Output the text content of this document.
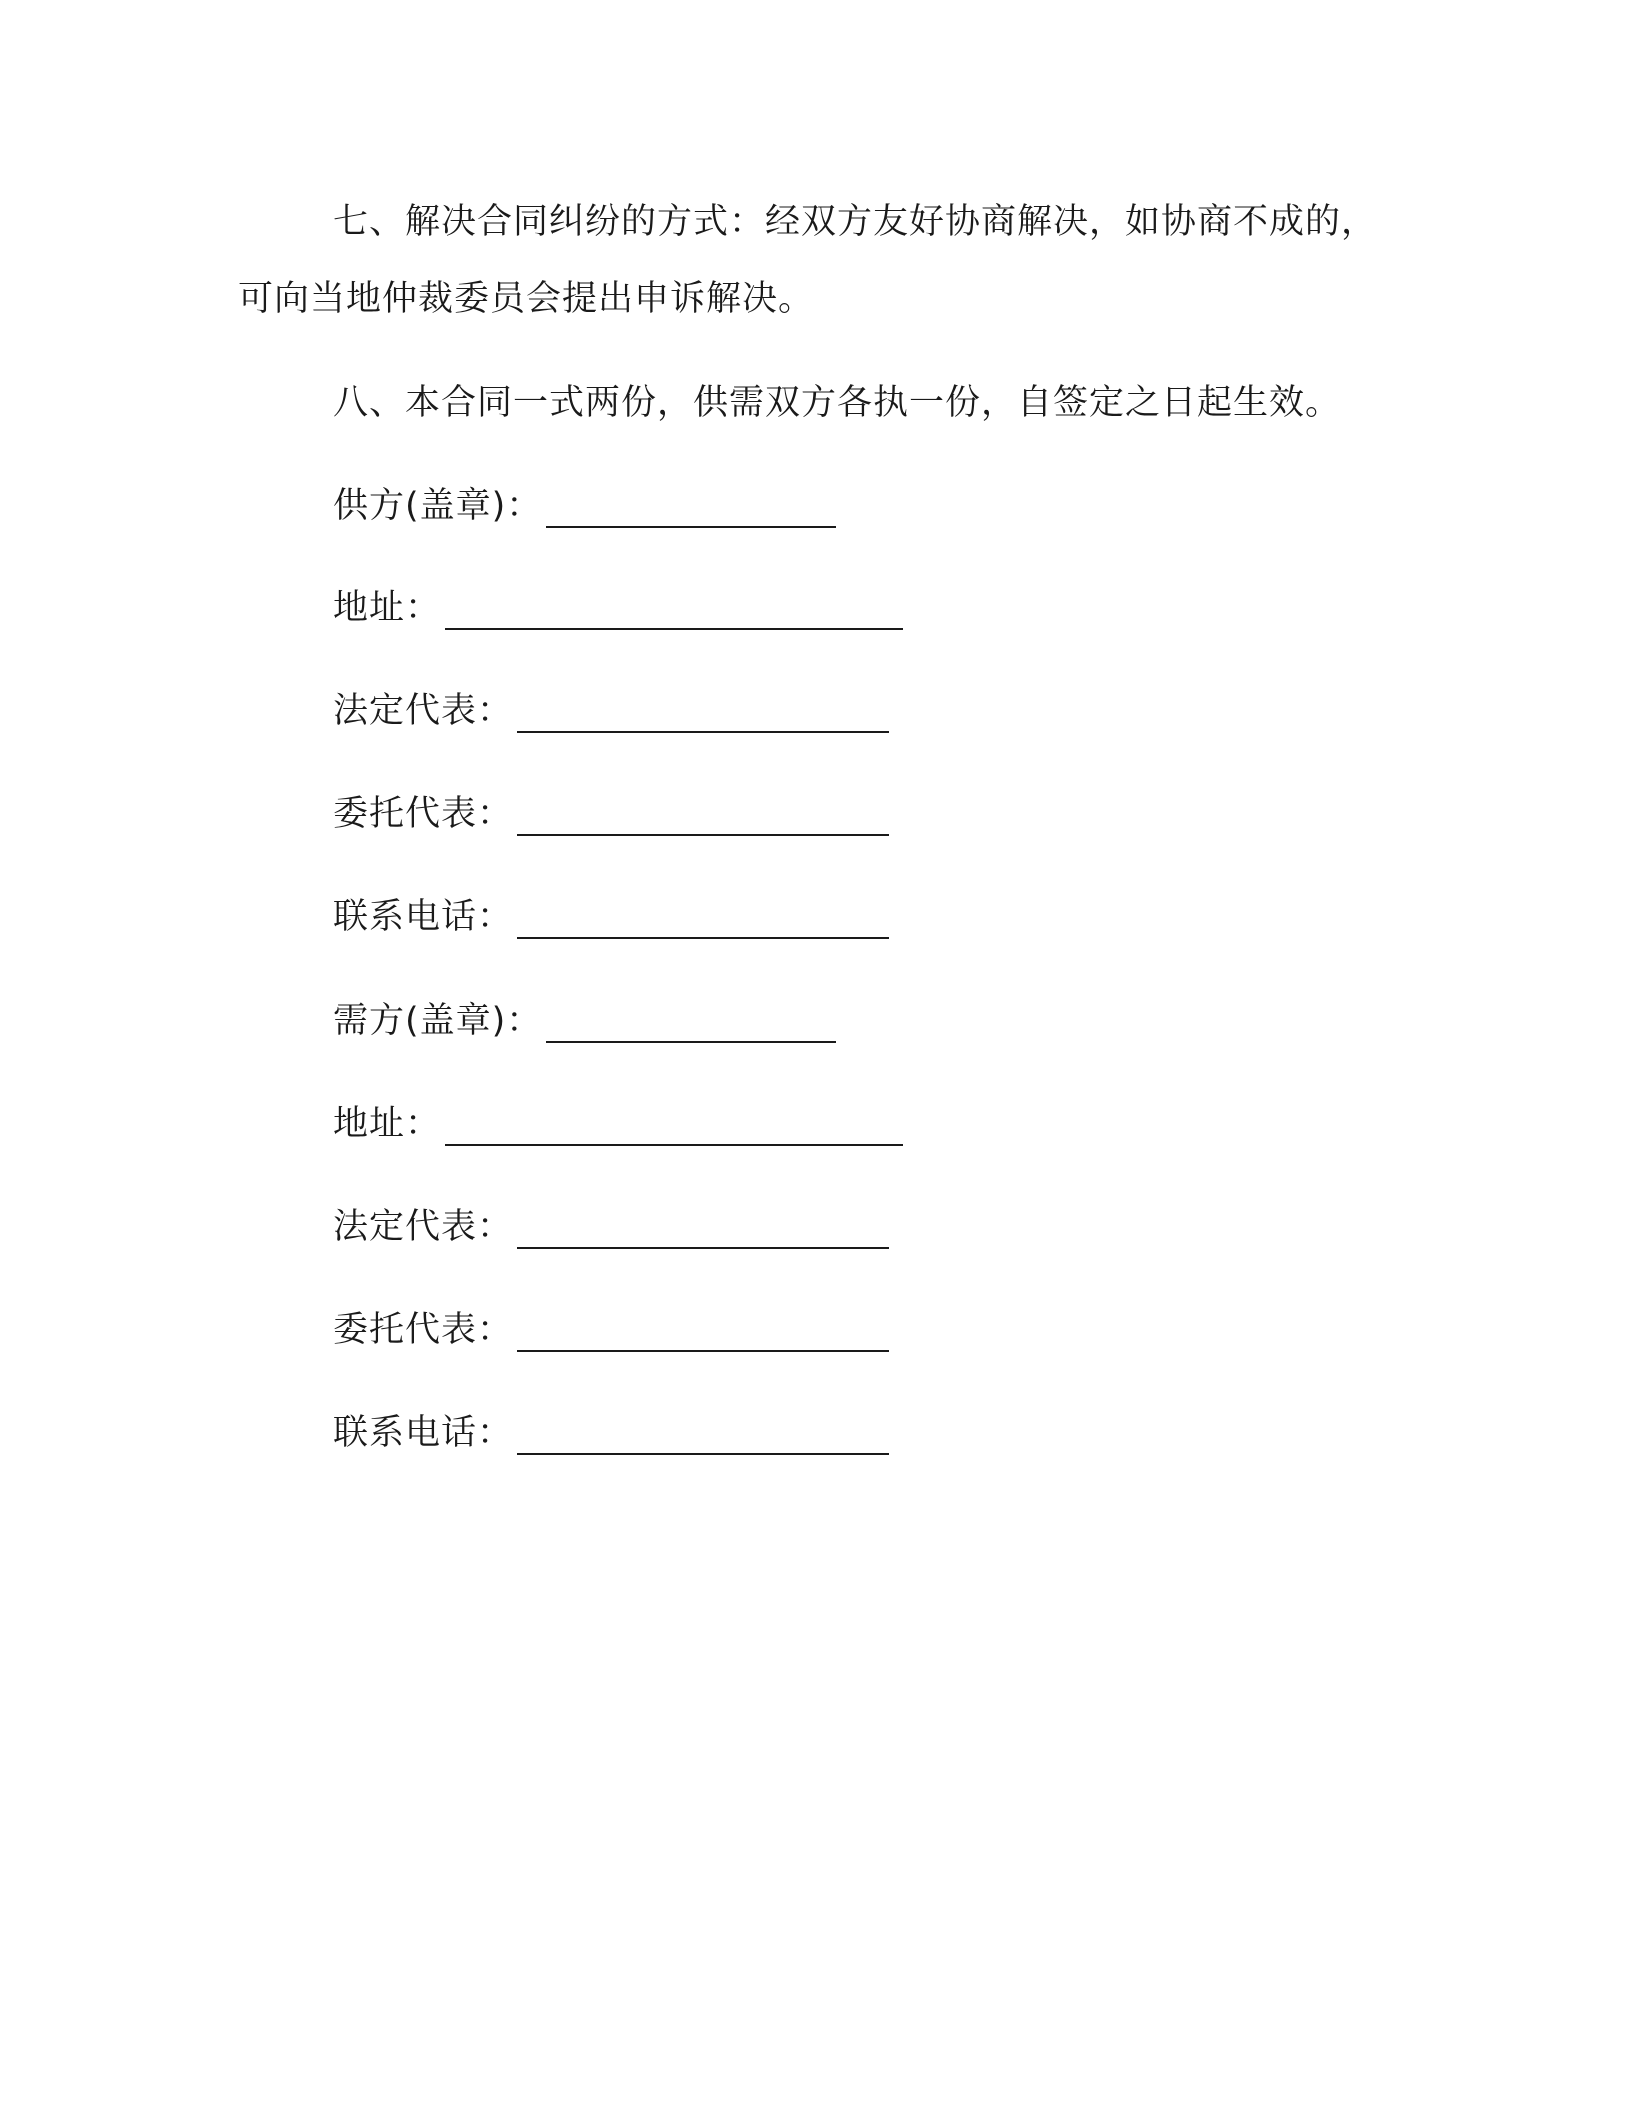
七、解决合同纠纷的方式：经双方友好协商解决，如协商不成的，
可向当地仲裁委员会提出申诉解决。
八、本合同一式两份，供需双方各执一份，自签定之日起生效。
供方(盖章)：
地址：
法定代表：
委托代表：
联系电话：
需方(盖章)：
地址：
法定代表：
委托代表：
联系电话：
